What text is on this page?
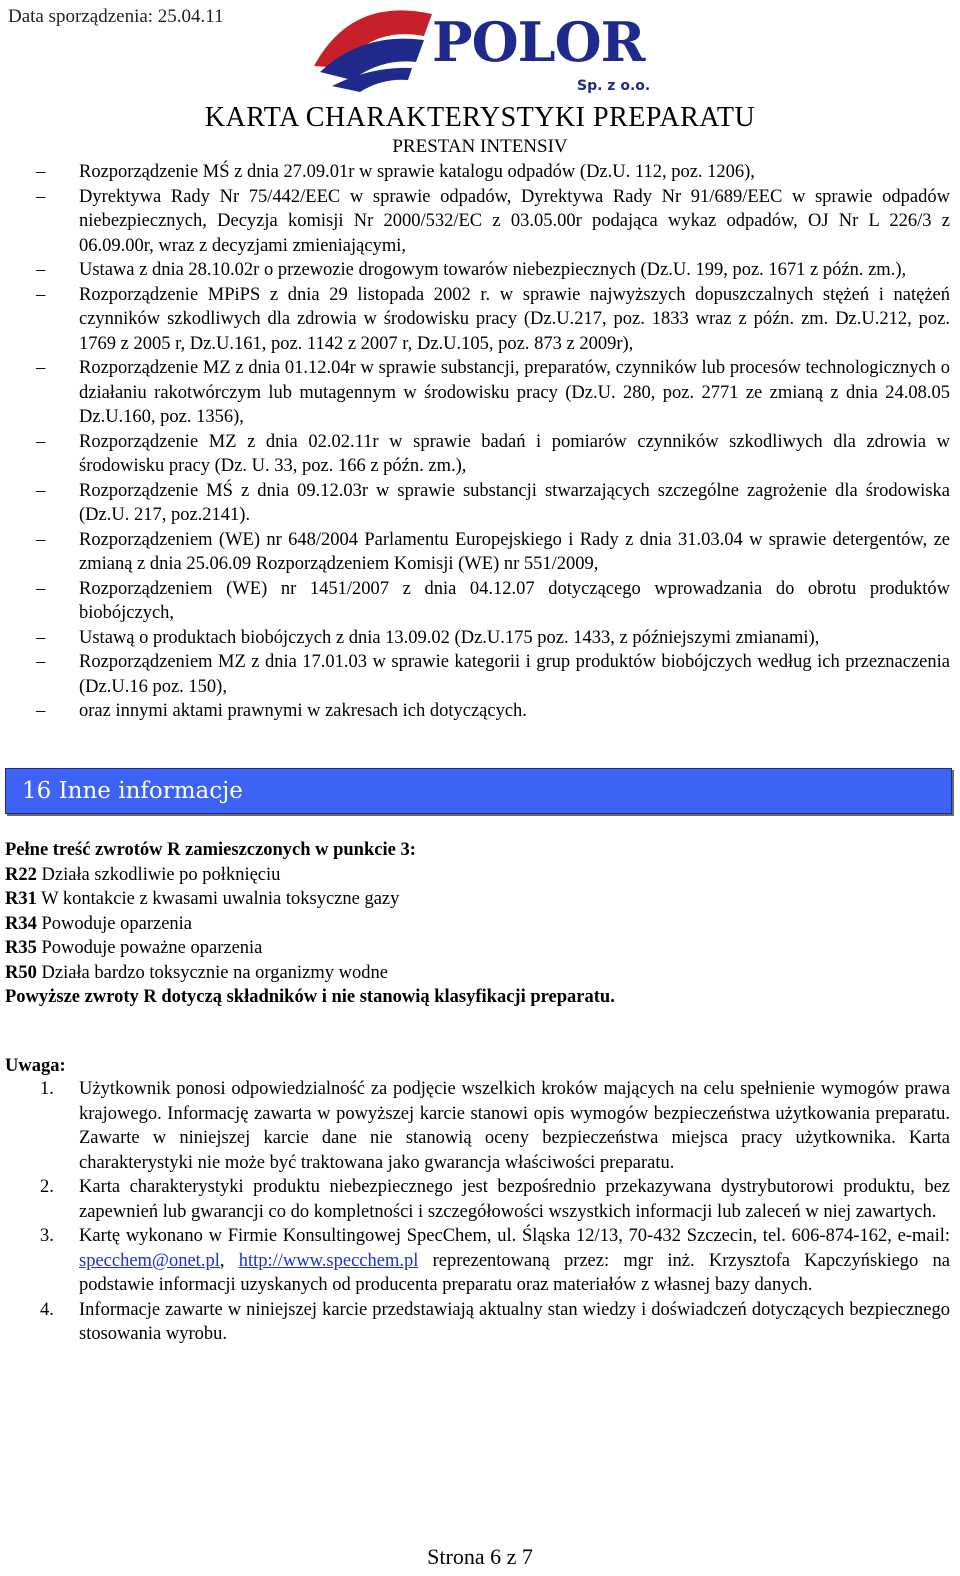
Data sporządzenia: 25.04.11	POLOR
Sp. z o.o.
KARTA CHARAKTERYSTYKI PREPARATU
PRESTAN INTENSIV
– Rozporządzenie MŚ z dnia 27.09.01r w sprawie katalogu odpadów (Dz.U. 112, poz. 1206),
– Dyrektywa Rady Nr 75/442/EEC w sprawie odpadów, Dyrektywa Rady Nr 91/689/EEC w sprawie odpadów niebezpiecznych, Decyzja komisji Nr 2000/532/EC z 03.05.00r podająca wykaz odpadów, OJ Nr L 226/3 z 06.09.00r, wraz z decyzjami zmieniającymi,
– Ustawa z dnia 28.10.02r o przewozie drogowym towarów niebezpiecznych (Dz.U. 199, poz. 1671 z późn. zm.),
– Rozporządzenie MPiPS z dnia 29 listopada 2002 r. w sprawie najwyższych dopuszczalnych stężeń i natężeń czynników szkodliwych dla zdrowia w środowisku pracy (Dz.U.217, poz. 1833 wraz z późn. zm. Dz.U.212, poz. 1769 z 2005 r, Dz.U.161, poz. 1142 z 2007 r, Dz.U.105, poz. 873 z 2009r),
– Rozporządzenie MZ z dnia 01.12.04r w sprawie substancji, preparatów, czynników lub procesów technologicznych o działaniu rakotwórczym lub mutagennym w środowisku pracy (Dz.U. 280, poz. 2771 ze zmianą z dnia 24.08.05 Dz.U.160, poz. 1356),
– Rozporządzenie MZ z dnia 02.02.11r w sprawie badań i pomiarów czynników szkodliwych dla zdrowia w środowisku pracy (Dz. U. 33, poz. 166 z późn. zm.),
– Rozporządzenie MŚ z dnia 09.12.03r w sprawie substancji stwarzających szczególne zagrożenie dla środowiska (Dz.U. 217, poz.2141).
– Rozporządzeniem (WE) nr 648/2004 Parlamentu Europejskiego i Rady z dnia 31.03.04 w sprawie detergentów, ze zmianą z dnia 25.06.09 Rozporządzeniem Komisji (WE) nr 551/2009,
– Rozporządzeniem (WE) nr 1451/2007 z dnia 04.12.07 dotyczącego wprowadzania do obrotu produktów biobójczych,
– Ustawą o produktach biobójczych z dnia 13.09.02 (Dz.U.175 poz. 1433, z późniejszymi zmianami),
– Rozporządzeniem MZ z dnia 17.01.03 w sprawie kategorii i grup produktów biobójczych według ich przeznaczenia (Dz.U.16 poz. 150),
– oraz innymi aktami prawnymi w zakresach ich dotyczących.
16 Inne informacje
Pełne treść zwrotów R zamieszczonych w punkcie 3:
R22 Działa szkodliwie po połknięciu
R31 W kontakcie z kwasami uwalnia toksyczne gazy
R34 Powoduje oparzenia
R35 Powoduje poważne oparzenia
R50 Działa bardzo toksycznie na organizmy wodne
Powyższe zwroty R dotyczą składników i nie stanowią klasyfikacji preparatu.
Uwaga:
1. Użytkownik ponosi odpowiedzialność za podjęcie wszelkich kroków mających na celu spełnienie wymogów prawa krajowego. Informację zawarta w powyższej karcie stanowi opis wymogów bezpieczeństwa użytkowania preparatu. Zawarte w niniejszej karcie dane nie stanowią oceny bezpieczeństwa miejsca pracy użytkownika. Karta charakterystyki nie może być traktowana jako gwarancja właściwości preparatu.
2. Karta charakterystyki produktu niebezpiecznego jest bezpośrednio przekazywana dystrybutorowi produktu, bez zapewnień lub gwarancji co do kompletności i szczegółowości wszystkich informacji lub zaleceń w niej zawartych.
3. Kartę wykonano w Firmie Konsultingowej SpecChem, ul. Śląska 12/13, 70-432 Szczecin, tel. 606-874-162, e-mail: specchem@onet.pl, http://www.specchem.pl reprezentowaną przez: mgr inż. Krzysztofa Kapczyńskiego na podstawie informacji uzyskanych od producenta preparatu oraz materiałów z własnej bazy danych.
4. Informacje zawarte w niniejszej karcie przedstawiają aktualny stan wiedzy i doświadczeń dotyczących bezpiecznego stosowania wyrobu.
Strona 6 z 7
